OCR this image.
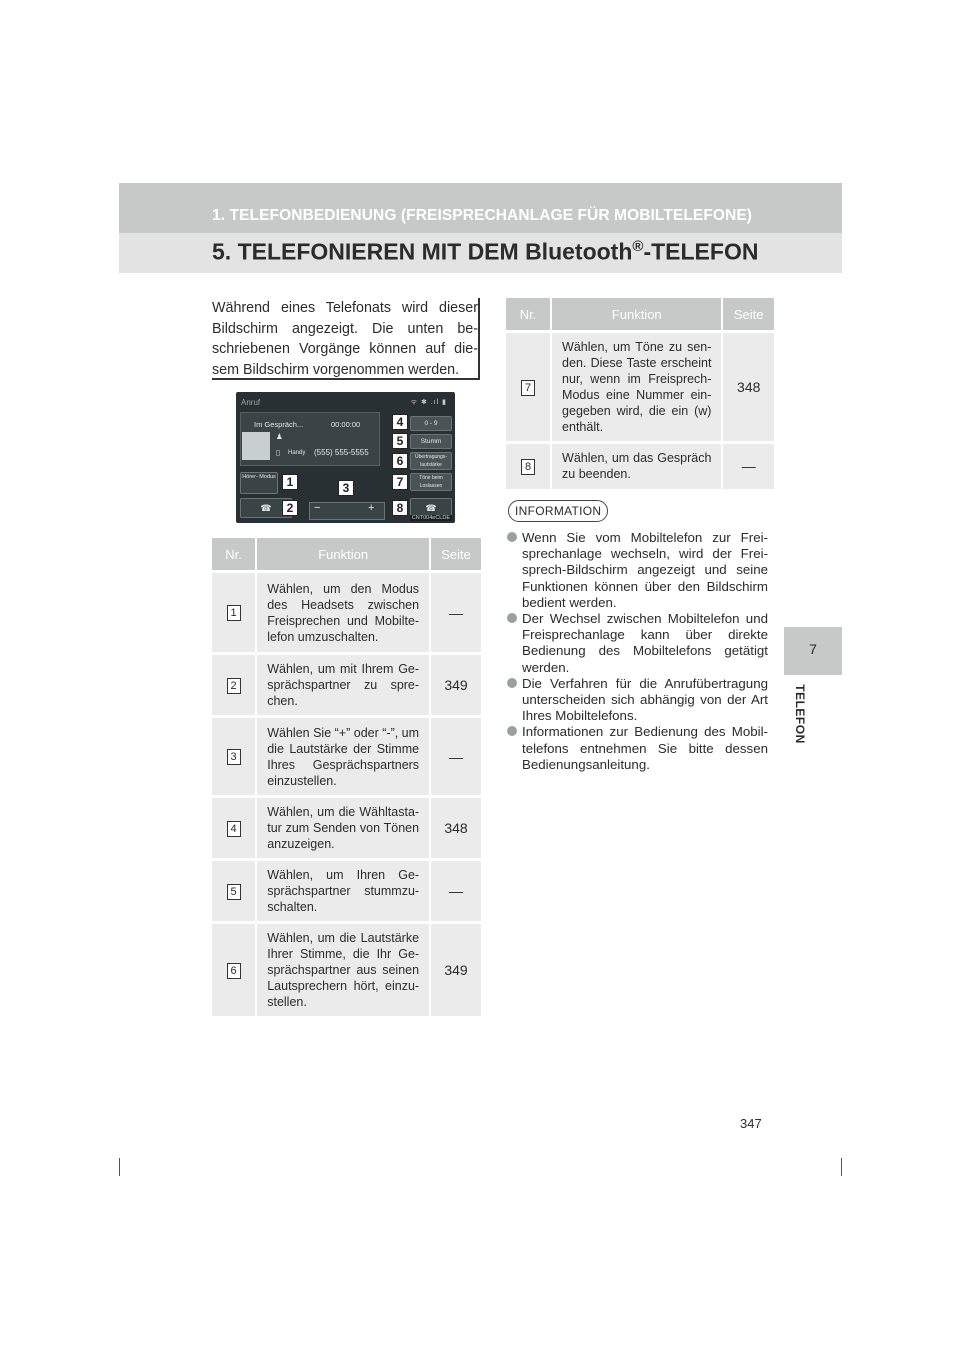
1. TELEFONBEDIENUNG (FREISPRECHANLAGE FÜR MOBILTELEFONE)
5. TELEFONIEREN MIT DEM Bluetooth®-TELEFON
7
TELEFON

Während eines Telefonats wird dieser Bildschirm angezeigt. Die unten be- schriebenen Vorgänge können auf die- sem Bildschirm vorgenommen werden.

Anruf	ᯤ ✱ .ıl ▮
Im Gespräch...	00:00:00
♟
▯ Handy (555) 555-5555
0 - 9
Stumm
Übertragungs- lautstärke
Töne beim Loslassen
☎
Hörer- Modus
☎	−	+
CNT004eCLDE
1
2
3
4
5
6
7
8
Nr.	Funktion	Seite
1	Wählen, um den Modus des Headsets zwischen Freisprechen und Mobilte- lefon umzuschalten.	—
2	Wählen, um mit Ihrem Ge- sprächspartner zu spre- chen.	349
3	Wählen Sie “+” oder “-”, um die Lautstärke der Stimme Ihres Gesprächspartners einzustellen.	—
4	Wählen, um die Wähltasta- tur zum Senden von Tönen anzuzeigen.	348
5	Wählen, um Ihren Ge- sprächspartner stummzu- schalten.	—
6	Wählen, um die Lautstärke Ihrer Stimme, die Ihr Ge- sprächspartner aus seinen Lautsprechern hört, einzu- stellen.	349
Nr.	Funktion	Seite
7	Wählen, um Töne zu sen- den. Diese Taste erscheint nur, wenn im Freisprech- Modus eine Nummer ein- gegeben wird, die ein (w) enthält.	348
8	Wählen, um das Gespräch zu beenden.	—
INFORMATION
Wenn Sie vom Mobiltelefon zur Frei- sprechanlage wechseln, wird der Frei- sprech-Bildschirm angezeigt und seine Funktionen können über den Bildschirm bedient werden.
Der Wechsel zwischen Mobiltelefon und Freisprechanlage kann über direkte Bedienung des Mobiltelefons getätigt werden.
Die Verfahren für die Anrufübertragung unterscheiden sich abhängig von der Art Ihres Mobiltelefons.
Informationen zur Bedienung des Mobil- telefons entnehmen Sie bitte dessen Bedienungsanleitung.
347
